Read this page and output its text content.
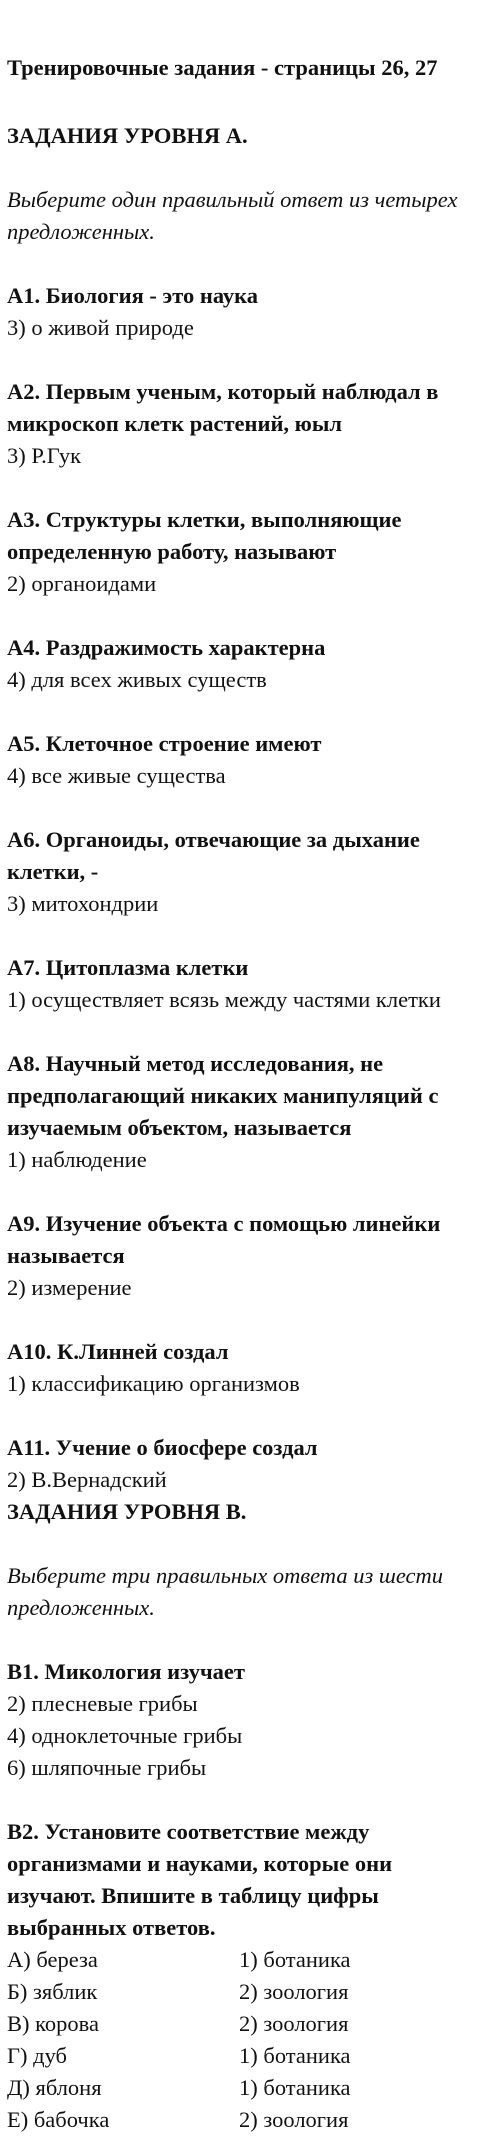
Тренировочные задания - страницы 26, 27
ЗАДАНИЯ УРОВНЯ А.
Выберите один правильный ответ из четырех предложенных.
А1. Биология - это наука
3) о живой природе
А2. Первым ученым, который наблюдал в микроскоп клетк растений, юыл
3) Р.Гук
А3. Структуры клетки, выполняющие определенную работу, называют
2) органоидами
А4. Раздражимость характерна
4) для всех живых существ
А5. Клеточное строение имеют
4) все живые существа
А6. Органоиды, отвечающие за дыхание клетки, -
3) митохондрии
А7. Цитоплазма клетки
1) осуществляет всязь между частями клетки
А8. Научный метод исследования, не предполагающий никаких манипуляций с изучаемым объектом, называется
1) наблюдение
А9. Изучение объекта с помощью линейки называется
2) измерение
А10. К.Линней создал
1) классификацию организмов
А11. Учение о биосфере создал
2) В.Вернадский
ЗАДАНИЯ УРОВНЯ В.
Выберите три правильных ответа из шести предложенных.
В1. Микология изучает
2) плесневые грибы
4) одноклеточные грибы
6) шляпочные грибы
В2. Установите соответствие между организмами и науками, которые они изучают. Впишите в таблицу цифры выбранных ответов.
А) береза	1) ботаника
Б) зяблик	2) зоология
В) корова	2) зоология
Г) дуб	1) ботаника
Д) яблоня	1) ботаника
Е) бабочка	2) зоология
